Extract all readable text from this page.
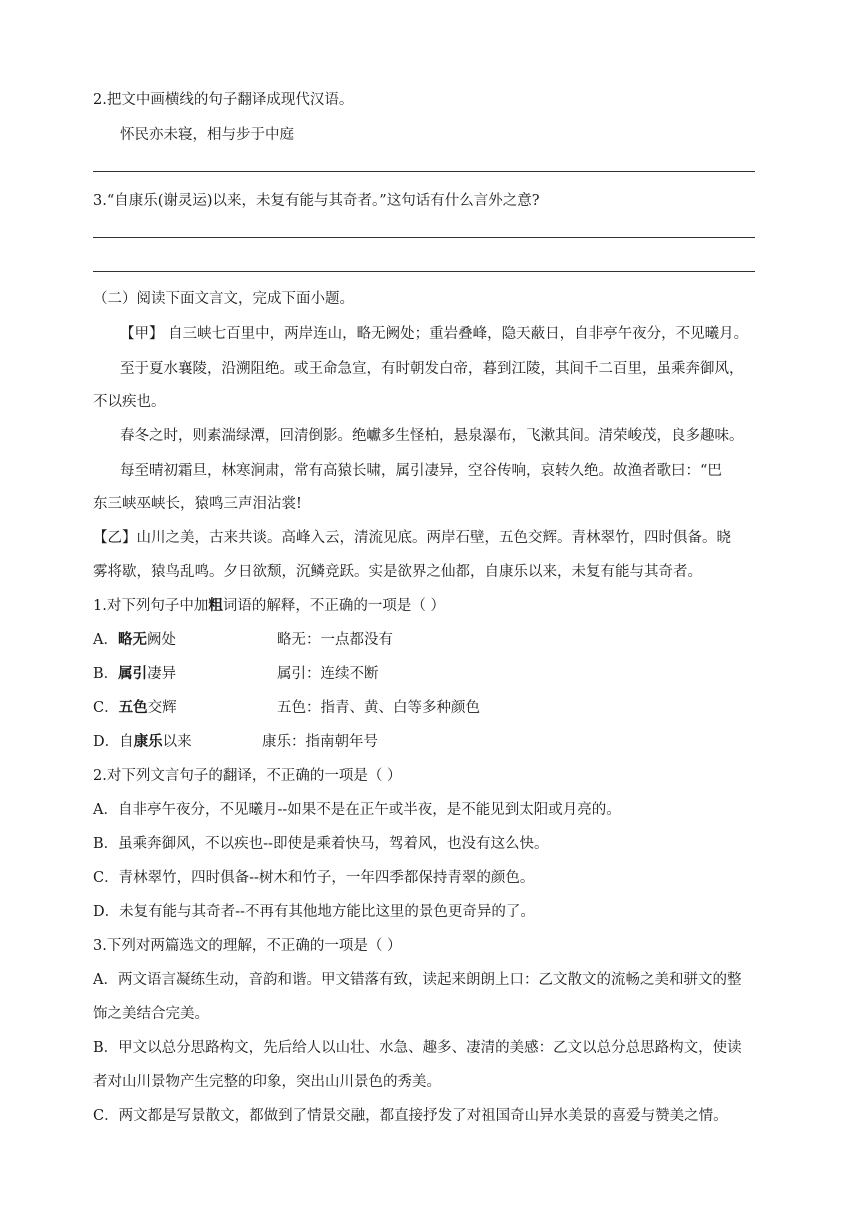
2.把文中画横线的句子翻译成现代汉语。
怀民亦未寝，相与步于中庭
3.“自康乐(谢灵运)以来，未复有能与其奇者。”这句话有什么言外之意?
（二）阅读下面文言文，完成下面小题。
【甲】 自三峡七百里中，两岸连山，略无阙处；重岩叠峰，隐天蔽日，自非亭午夜分，不见曦月。
至于夏水襄陵，沿溯阻绝。或王命急宣，有时朝发白帝，暮到江陵，其间千二百里，虽乘奔御风，
不以疾也。
春冬之时，则素湍绿潭，回清倒影。绝巘多生怪柏，悬泉瀑布，飞漱其间。清荣峻茂，良多趣味。
每至晴初霜旦，林寒涧肃，常有高猿长啸，属引凄异，空谷传响，哀转久绝。故渔者歌曰：“巴
东三峡巫峡长，猿鸣三声泪沾裳!
【乙】山川之美，古来共谈。高峰入云，清流见底。两岸石壁，五色交辉。青林翠竹，四时俱备。晓
雾将歇，猿鸟乱鸣。夕日欲颓，沉鳞竞跃。实是欲界之仙都，自康乐以来，未复有能与其奇者。
1.对下列句子中加粗词语的解释，不正确的一项是（ ）
A．略无阙处	略无：一点都没有
B．属引凄异	属引：连续不断
C．五色交辉	五色：指青、黄、白等多种颜色
D．自康乐以来	康乐：指南朝年号
2.对下列文言句子的翻译，不正确的一项是（ ）
A．自非亭午夜分，不见曦月--如果不是在正午或半夜，是不能见到太阳或月亮的。
B．虽乘奔御风，不以疾也--即使是乘着快马，驾着风，也没有这么快。
C．青林翠竹，四时俱备--树木和竹子，一年四季都保持青翠的颜色。
D．未复有能与其奇者--不再有其他地方能比这里的景色更奇异的了。
3.下列对两篇选文的理解，不正确的一项是（ ）
A．两文语言凝练生动，音韵和谐。甲文错落有致，读起来朗朗上口：乙文散文的流畅之美和骈文的整
饰之美结合完美。
B．甲文以总分思路构文，先后给人以山壮、水急、趣多、凄清的美感：乙文以总分总思路构文，使读
者对山川景物产生完整的印象，突出山川景色的秀美。
C．两文都是写景散文，都做到了情景交融，都直接抒发了对祖国奇山异水美景的喜爱与赞美之情。
